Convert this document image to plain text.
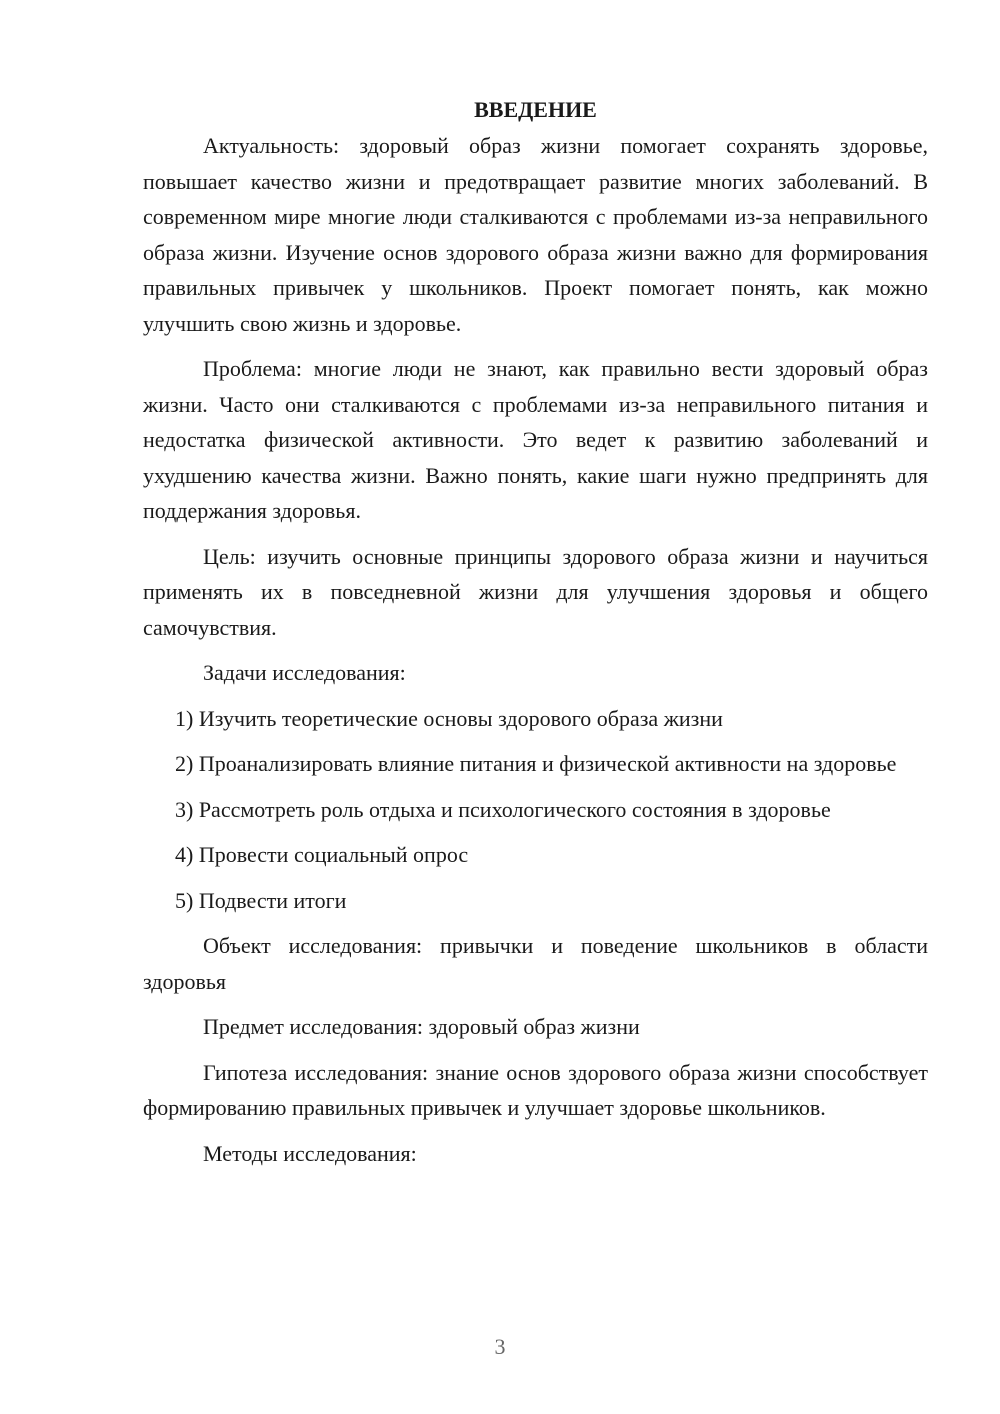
ВВЕДЕНИЕ

Актуальность: здоровый образ жизни помогает сохранять здоровье, повышает качество жизни и предотвращает развитие многих заболеваний. В современном мире многие люди сталкиваются с проблемами из-за неправильного образа жизни. Изучение основ здорового образа жизни важно для формирования правильных привычек у школьников. Проект помогает понять, как можно улучшить свою жизнь и здоровье.

Проблема: многие люди не знают, как правильно вести здоровый образ жизни. Часто они сталкиваются с проблемами из-за неправильного питания и недостатка физической активности. Это ведет к развитию заболеваний и ухудшению качества жизни. Важно понять, какие шаги нужно предпринять для поддержания здоровья.

Цель: изучить основные принципы здорового образа жизни и научиться применять их в повседневной жизни для улучшения здоровья и общего самочувствия.

Задачи исследования:

1) Изучить теоретические основы здорового образа жизни

2) Проанализировать влияние питания и физической активности на здоровье

3) Рассмотреть роль отдыха и психологического состояния в здоровье

4) Провести социальный опрос

5) Подвести итоги

Объект исследования: привычки и поведение школьников в области здоровья

Предмет исследования: здоровый образ жизни

Гипотеза исследования: знание основ здорового образа жизни способствует формированию правильных привычек и улучшает здоровье школьников.

Методы исследования:

3
